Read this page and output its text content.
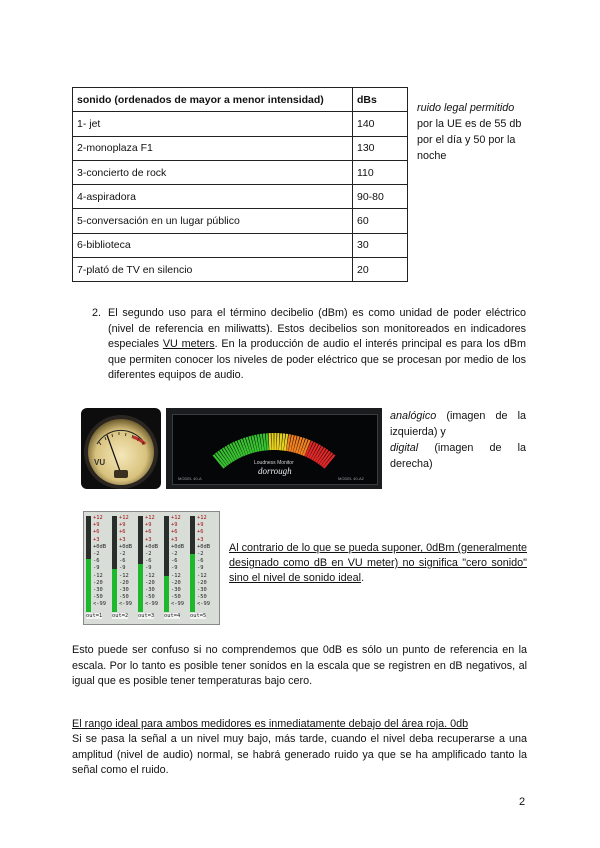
sonido (ordenados de mayor a menor intensidad)	dBs
1- jet	140
2-monoplaza F1	130
3-concierto de rock	110
4-aspiradora	90-80
5-conversación en un lugar público	60
6-biblioteca	30
7-plató de TV en silencio	20
ruido legal permitido por la UE es de 55 db por el día y 50 por la noche
2. El segundo uso para el término decibelio (dBm) es como unidad de poder eléctrico (nivel de referencia en miliwatts). Estos decibelios son monitoreados en indicadores especiales VU meters. En la producción de audio el interés principal es para los dBm que permiten conocer los niveles de poder eléctrico que se procesan por medio de los diferentes equipos de audio.
VU	Loudness Monitor
dorrough
MODEL 40-A	MODEL 40-A2
analógico (imagen de la izquierda) y
digital (imagen de la derecha)
+12
+9
+6
+3
+0dB
-2
-6
-9
-12
-20
-30
-50
<-99
out=1
+12
+9
+6
+3
+0dB
-2
-6
-9
-12
-20
-30
-50
<-99
out=2
+12
+9
+6
+3
+0dB
-2
-6
-9
-12
-20
-30
-50
<-99
out=3
+12
+9
+6
+3
+0dB
-2
-6
-9
-12
-20
-30
-50
<-99
out=4
+12
+9
+6
+3
+0dB
-2
-6
-9
-12
-20
-30
-50
<-99
out=5
Al contrario de lo que se pueda suponer, 0dBm (generalmente designado como dB en VU meter) no significa "cero sonido" sino el nivel de sonido ideal.
Esto puede ser confuso si no comprendemos que 0dB es sólo un punto de referencia en la escala. Por lo tanto es posible tener sonidos en la escala que se registren en dB negativos, al igual que es posible tener temperaturas bajo cero.
El rango ideal para ambos medidores es inmediatamente debajo del área roja. 0db
Si se pasa la señal a un nivel muy bajo, más tarde, cuando el nivel deba recuperarse a una amplitud (nivel de audio) normal, se habrá generado ruido ya que se ha amplificado tanto la señal como el ruido.
2
